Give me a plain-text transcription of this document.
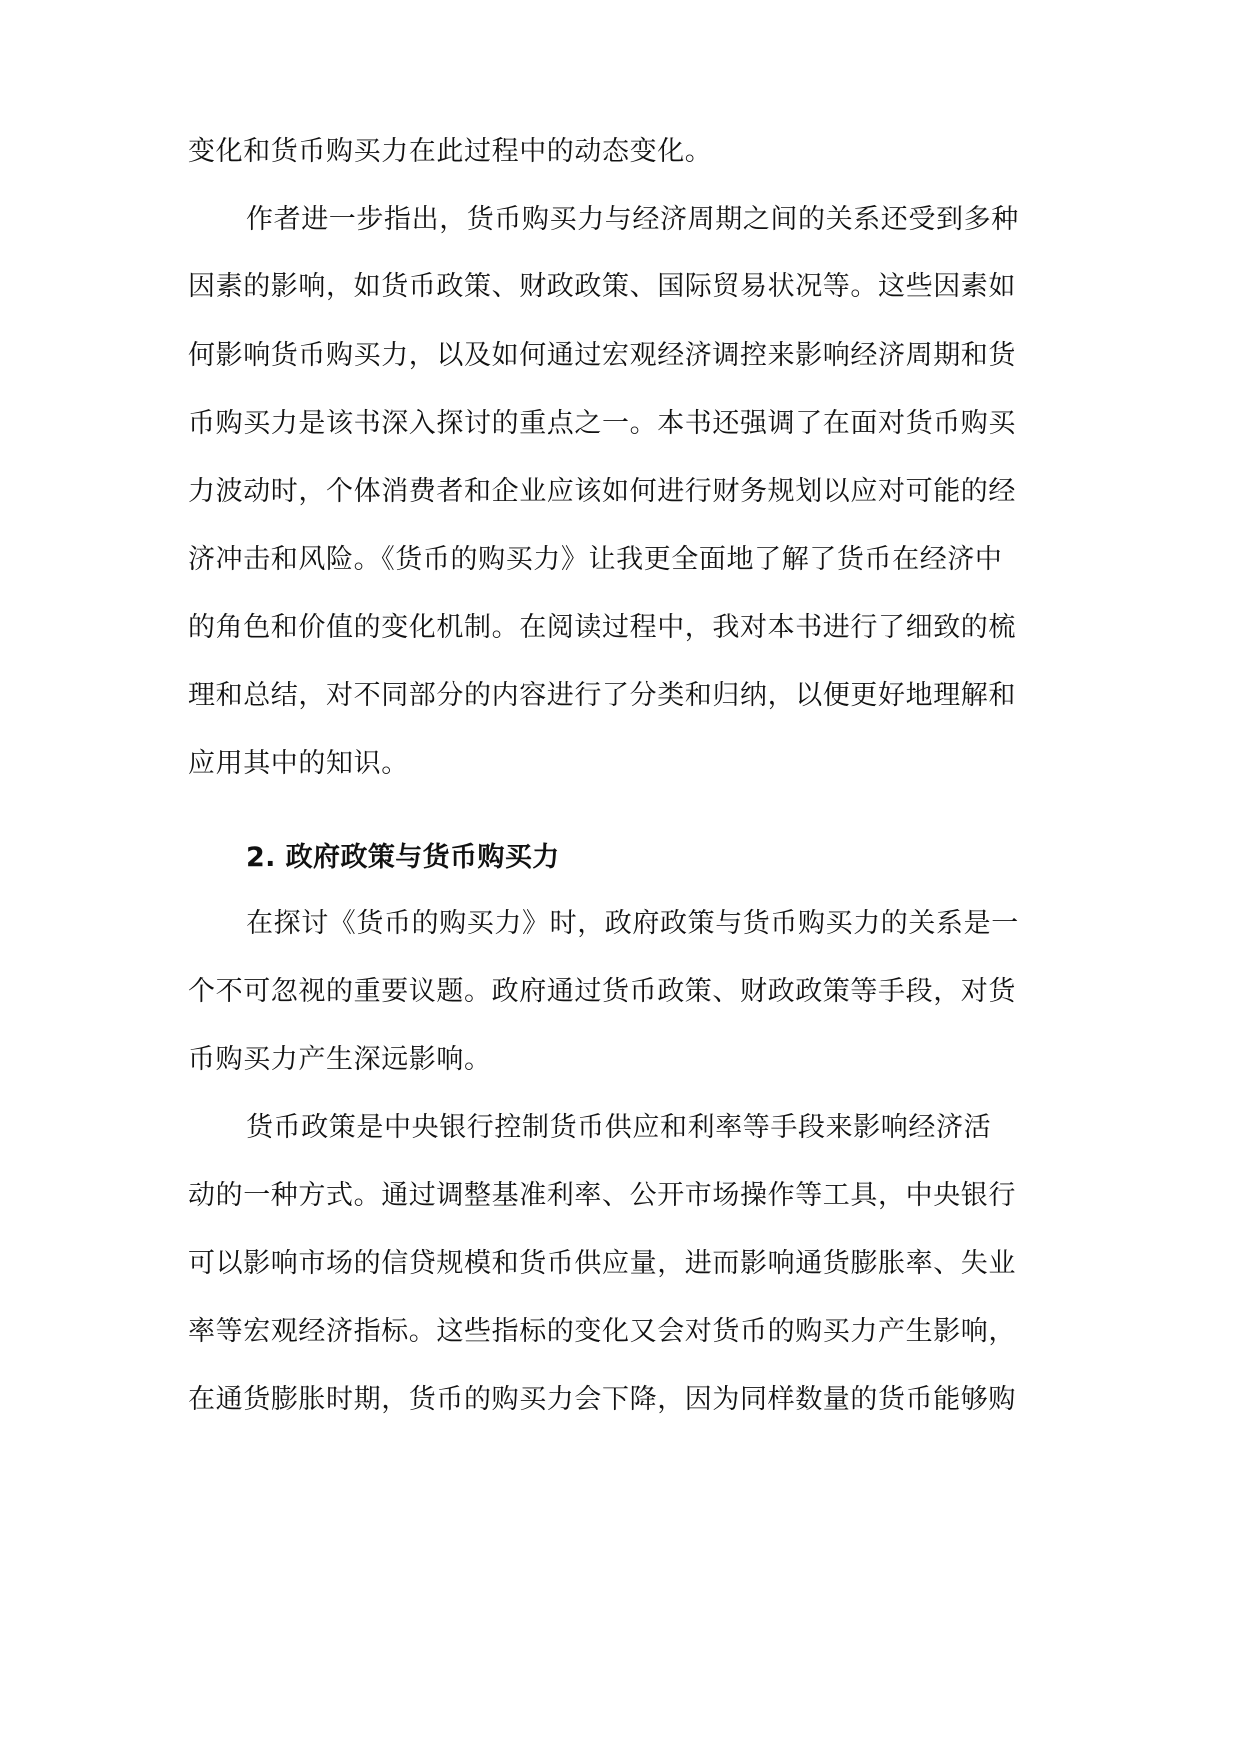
变化和货币购买力在此过程中的动态变化。
作者进一步指出，货币购买力与经济周期之间的关系还受到多种
因素的影响，如货币政策、财政政策、国际贸易状况等。这些因素如
何影响货币购买力，以及如何通过宏观经济调控来影响经济周期和货
币购买力是该书深入探讨的重点之一。本书还强调了在面对货币购买
力波动时，个体消费者和企业应该如何进行财务规划以应对可能的经
济冲击和风险。《货币的购买力》让我更全面地了解了货币在经济中
的角色和价值的变化机制。在阅读过程中，我对本书进行了细致的梳
理和总结，对不同部分的内容进行了分类和归纳，以便更好地理解和
应用其中的知识。
2. 政府政策与货币购买力
在探讨《货币的购买力》时，政府政策与货币购买力的关系是一
个不可忽视的重要议题。政府通过货币政策、财政政策等手段，对货
币购买力产生深远影响。
货币政策是中央银行控制货币供应和利率等手段来影响经济活
动的一种方式。通过调整基准利率、公开市场操作等工具，中央银行
可以影响市场的信贷规模和货币供应量，进而影响通货膨胀率、失业
率等宏观经济指标。这些指标的变化又会对货币的购买力产生影响，
在通货膨胀时期，货币的购买力会下降，因为同样数量的货币能够购
